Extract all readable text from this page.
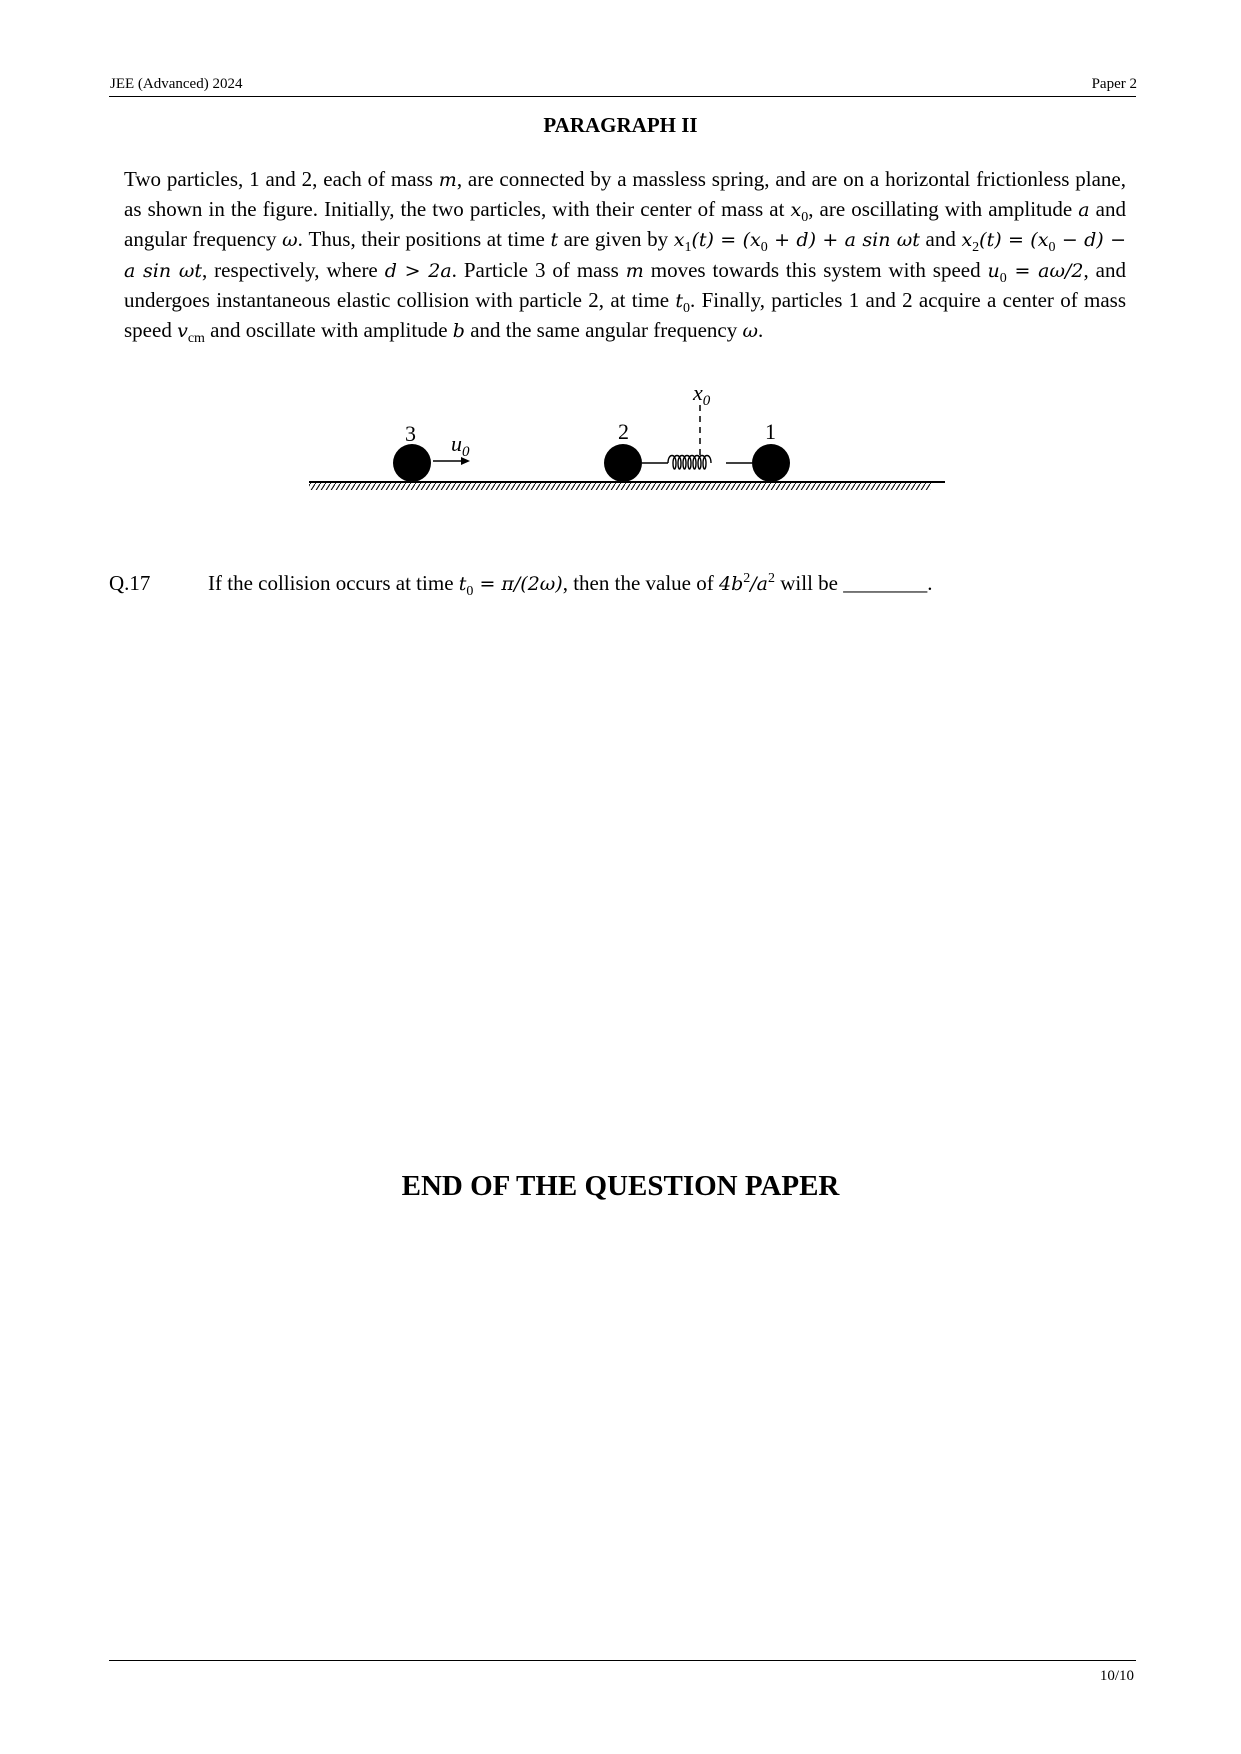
JEE (Advanced) 2024	Paper 2
PARAGRAPH II
Two particles, 1 and 2, each of mass m, are connected by a massless spring, and are on a horizontal frictionless plane, as shown in the figure. Initially, the two particles, with their center of mass at $x_0$, are oscillating with amplitude a and angular frequency ω. Thus, their positions at time t are given by $x_1(t) = (x_0 + d) + a$ sin ωt and $x_2(t) = (x_0 - d) - a$ sin ωt, respectively, where d > 2a. Particle 3 of mass m moves towards this system with speed $u_0 = a\omega/2$, and undergoes instantaneous elastic collision with particle 2, at time $t_0$. Finally, particles 1 and 2 acquire a center of mass speed $v_{cm}$ and oscillate with amplitude b and the same angular frequency ω.
3 $u_0$
2	1
$x_0$
Q.17	If the collision occurs at time $t_0 = \pi/(2\omega)$, then the value of $4b^2/a^2$ will be ________.
END OF THE QUESTION PAPER
10/10
